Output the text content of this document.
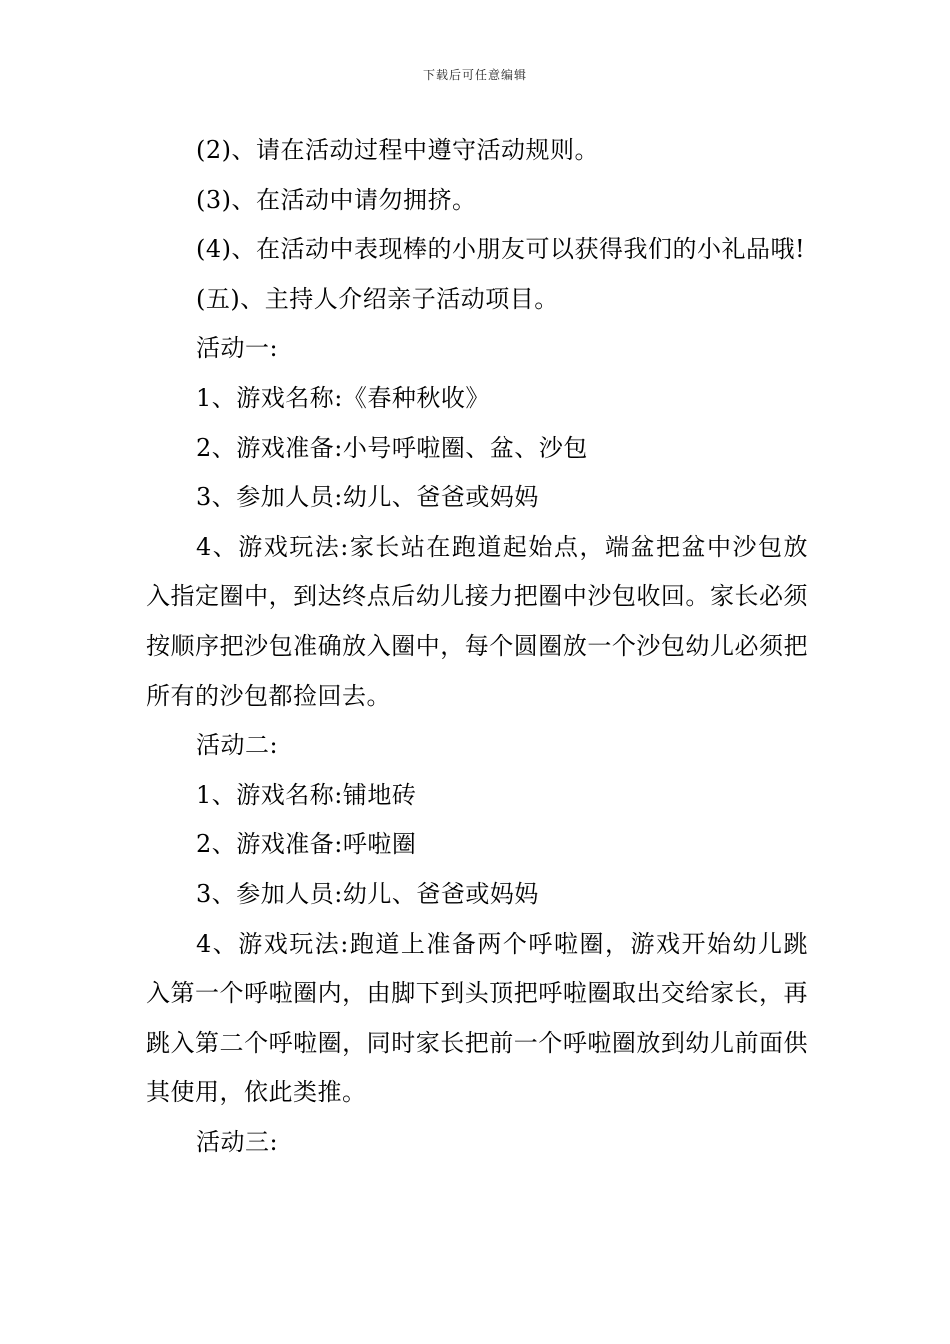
下载后可任意编辑

(2)、请在活动过程中遵守活动规则。

(3)、在活动中请勿拥挤。

(4)、在活动中表现棒的小朋友可以获得我们的小礼品哦!

(五)、主持人介绍亲子活动项目。

活动一:

1、游戏名称:《春种秋收》

2、游戏准备:小号呼啦圈、盆、沙包

3、参加人员:幼儿、爸爸或妈妈

4、游戏玩法:家长站在跑道起始点，端盆把盆中沙包放入指定圈中，到达终点后幼儿接力把圈中沙包收回。家长必须按顺序把沙包准确放入圈中，每个圆圈放一个沙包幼儿必须把所有的沙包都捡回去。

活动二:

1、游戏名称:铺地砖

2、游戏准备:呼啦圈

3、参加人员:幼儿、爸爸或妈妈

4、游戏玩法:跑道上准备两个呼啦圈，游戏开始幼儿跳入第一个呼啦圈内，由脚下到头顶把呼啦圈取出交给家长，再跳入第二个呼啦圈，同时家长把前一个呼啦圈放到幼儿前面供其使用，依此类推。

活动三:
